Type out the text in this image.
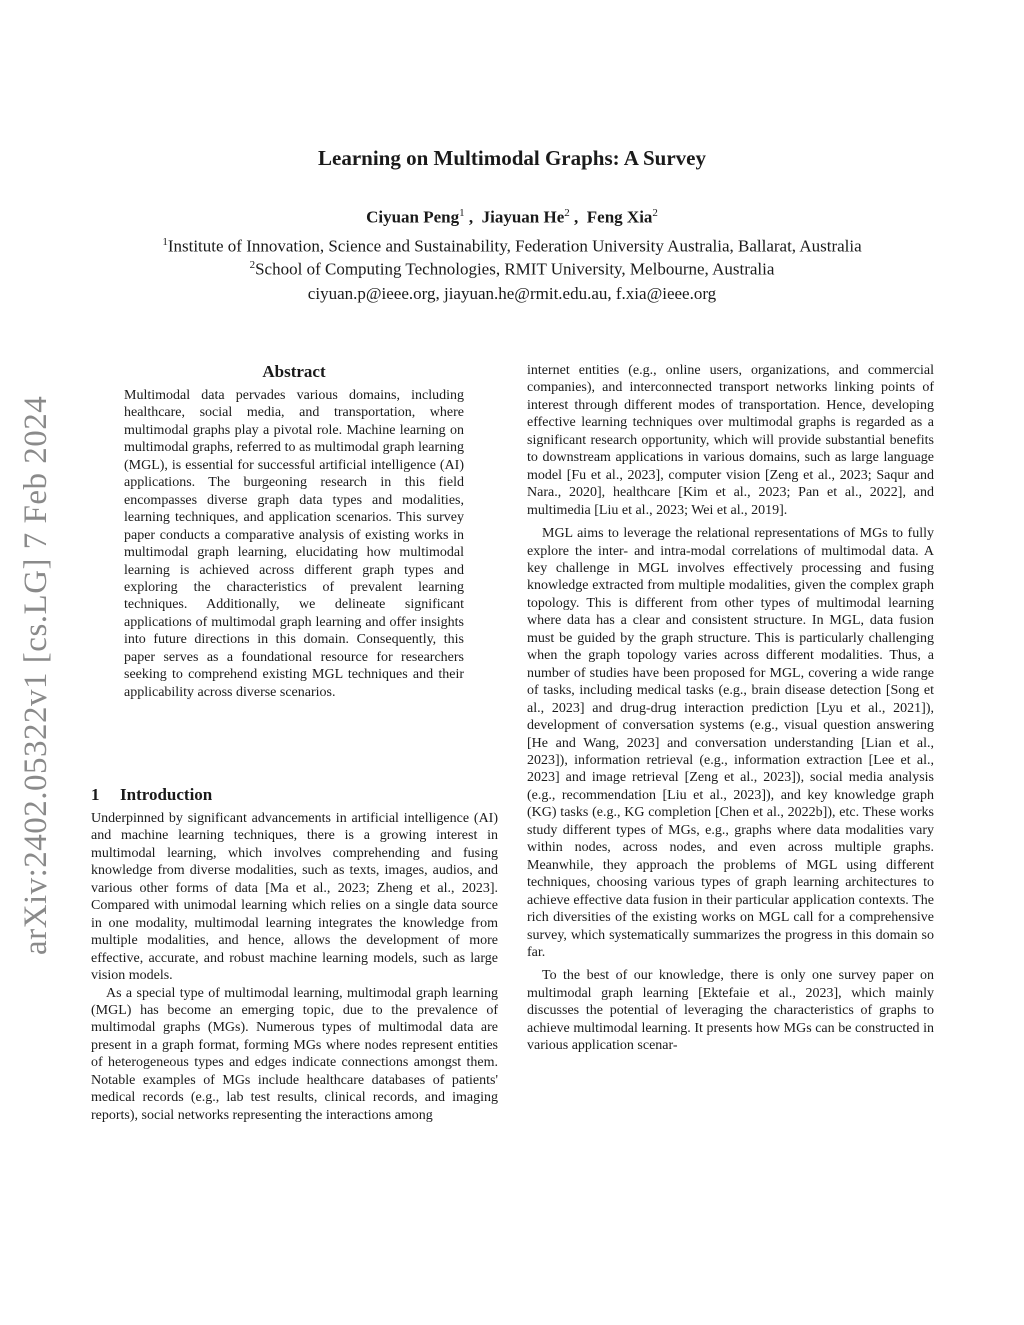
Learning on Multimodal Graphs: A Survey
Ciyuan Peng$^1$ ,  Jiayuan He$^2$ ,  Feng Xia$^2$
$^1$Institute of Innovation, Science and Sustainability, Federation University Australia, Ballarat, Australia
$^2$School of Computing Technologies, RMIT University, Melbourne, Australia
ciyuan.p@ieee.org, jiayuan.he@rmit.edu.au, f.xia@ieee.org
arXiv:2402.05322v1 [cs.LG] 7 Feb 2024
Abstract
Multimodal data pervades various domains, including healthcare, social media, and transportation, where multimodal graphs play a pivotal role. Machine learning on multimodal graphs, referred to as multimodal graph learning (MGL), is essential for successful artificial intelligence (AI) applications. The burgeoning research in this field encompasses diverse graph data types and modalities, learning techniques, and application scenarios. This survey paper conducts a comparative analysis of existing works in multimodal graph learning, elucidating how multimodal learning is achieved across different graph types and exploring the characteristics of prevalent learning techniques. Additionally, we delineate significant applications of multimodal graph learning and offer insights into future directions in this domain. Consequently, this paper serves as a foundational resource for researchers seeking to comprehend existing MGL techniques and their applicability across diverse scenarios.
1 Introduction

Underpinned by significant advancements in artificial intelligence (AI) and machine learning techniques, there is a growing interest in multimodal learning, which involves comprehending and fusing knowledge from diverse modalities, such as texts, images, audios, and various other forms of data [Ma et al., 2023; Zheng et al., 2023]. Compared with unimodal learning which relies on a single data source in one modality, multimodal learning integrates the knowledge from multiple modalities, and hence, allows the development of more effective, accurate, and robust machine learning models, such as large vision models.

As a special type of multimodal learning, multimodal graph learning (MGL) has become an emerging topic, due to the prevalence of multimodal graphs (MGs). Numerous types of multimodal data are present in a graph format, forming MGs where nodes represent entities of heterogeneous types and edges indicate connections amongst them. Notable examples of MGs include healthcare databases of patients' medical records (e.g., lab test results, clinical records, and imaging reports), social networks representing the interactions among

internet entities (e.g., online users, organizations, and commercial companies), and interconnected transport networks linking points of interest through different modes of transportation. Hence, developing effective learning techniques over multimodal graphs is regarded as a significant research opportunity, which will provide substantial benefits to downstream applications in various domains, such as large language model [Fu et al., 2023], computer vision [Zeng et al., 2023; Saqur and Nara., 2020], healthcare [Kim et al., 2023; Pan et al., 2022], and multimedia [Liu et al., 2023; Wei et al., 2019].

MGL aims to leverage the relational representations of MGs to fully explore the inter- and intra-modal correlations of multimodal data. A key challenge in MGL involves effectively processing and fusing knowledge extracted from multiple modalities, given the complex graph topology. This is different from other types of multimodal learning where data has a clear and consistent structure. In MGL, data fusion must be guided by the graph structure. This is particularly challenging when the graph topology varies across different modalities. Thus, a number of studies have been proposed for MGL, covering a wide range of tasks, including medical tasks (e.g., brain disease detection [Song et al., 2023] and drug-drug interaction prediction [Lyu et al., 2021]), development of conversation systems (e.g., visual question answering [He and Wang, 2023] and conversation understanding [Lian et al., 2023]), information retrieval (e.g., information extraction [Lee et al., 2023] and image retrieval [Zeng et al., 2023]), social media analysis (e.g., recommendation [Liu et al., 2023]), and key knowledge graph (KG) tasks (e.g., KG completion [Chen et al., 2022b]), etc. These works study different types of MGs, e.g., graphs where data modalities vary within nodes, across nodes, and even across multiple graphs. Meanwhile, they approach the problems of MGL using different techniques, choosing various types of graph learning architectures to achieve effective data fusion in their particular application contexts. The rich diversities of the existing works on MGL call for a comprehensive survey, which systematically summarizes the progress in this domain so far.

To the best of our knowledge, there is only one survey paper on multimodal graph learning [Ektefaie et al., 2023], which mainly discusses the potential of leveraging the characteristics of graphs to achieve multimodal learning. It presents how MGs can be constructed in various application scenar-
